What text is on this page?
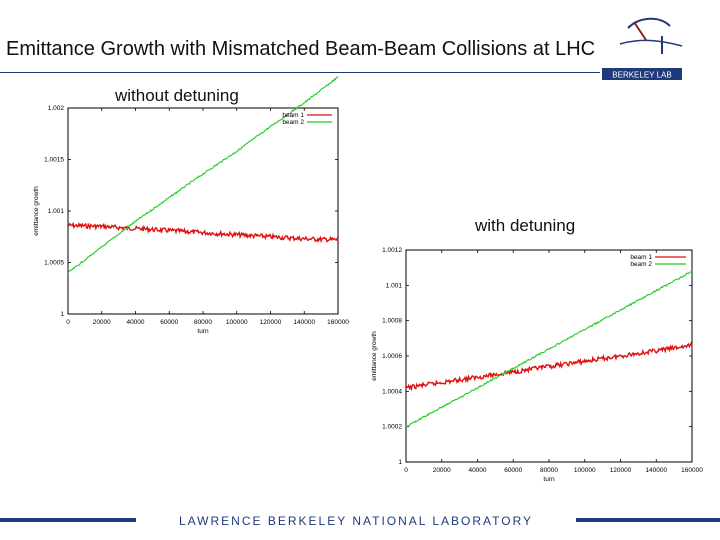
Emittance Growth with Mismatched Beam-Beam Collisions at LHC
BERKELEY LAB
without detuning
0	20000 40000 60000 80000 100000 120000 140000 160000
1
1.0005
1.001
1.0015
1.002
turn
emittance growth
beam 1
beam 2
with detuning
0	20000	40000	60000	80000 100000 120000 140000 160000
1
1.0002
1.0004
1.0006
1.0008
1.001
1.0012
turn
emittance growth
beam 1
beam 2
LAWRENCE BERKELEY NATIONAL LABORATORY
